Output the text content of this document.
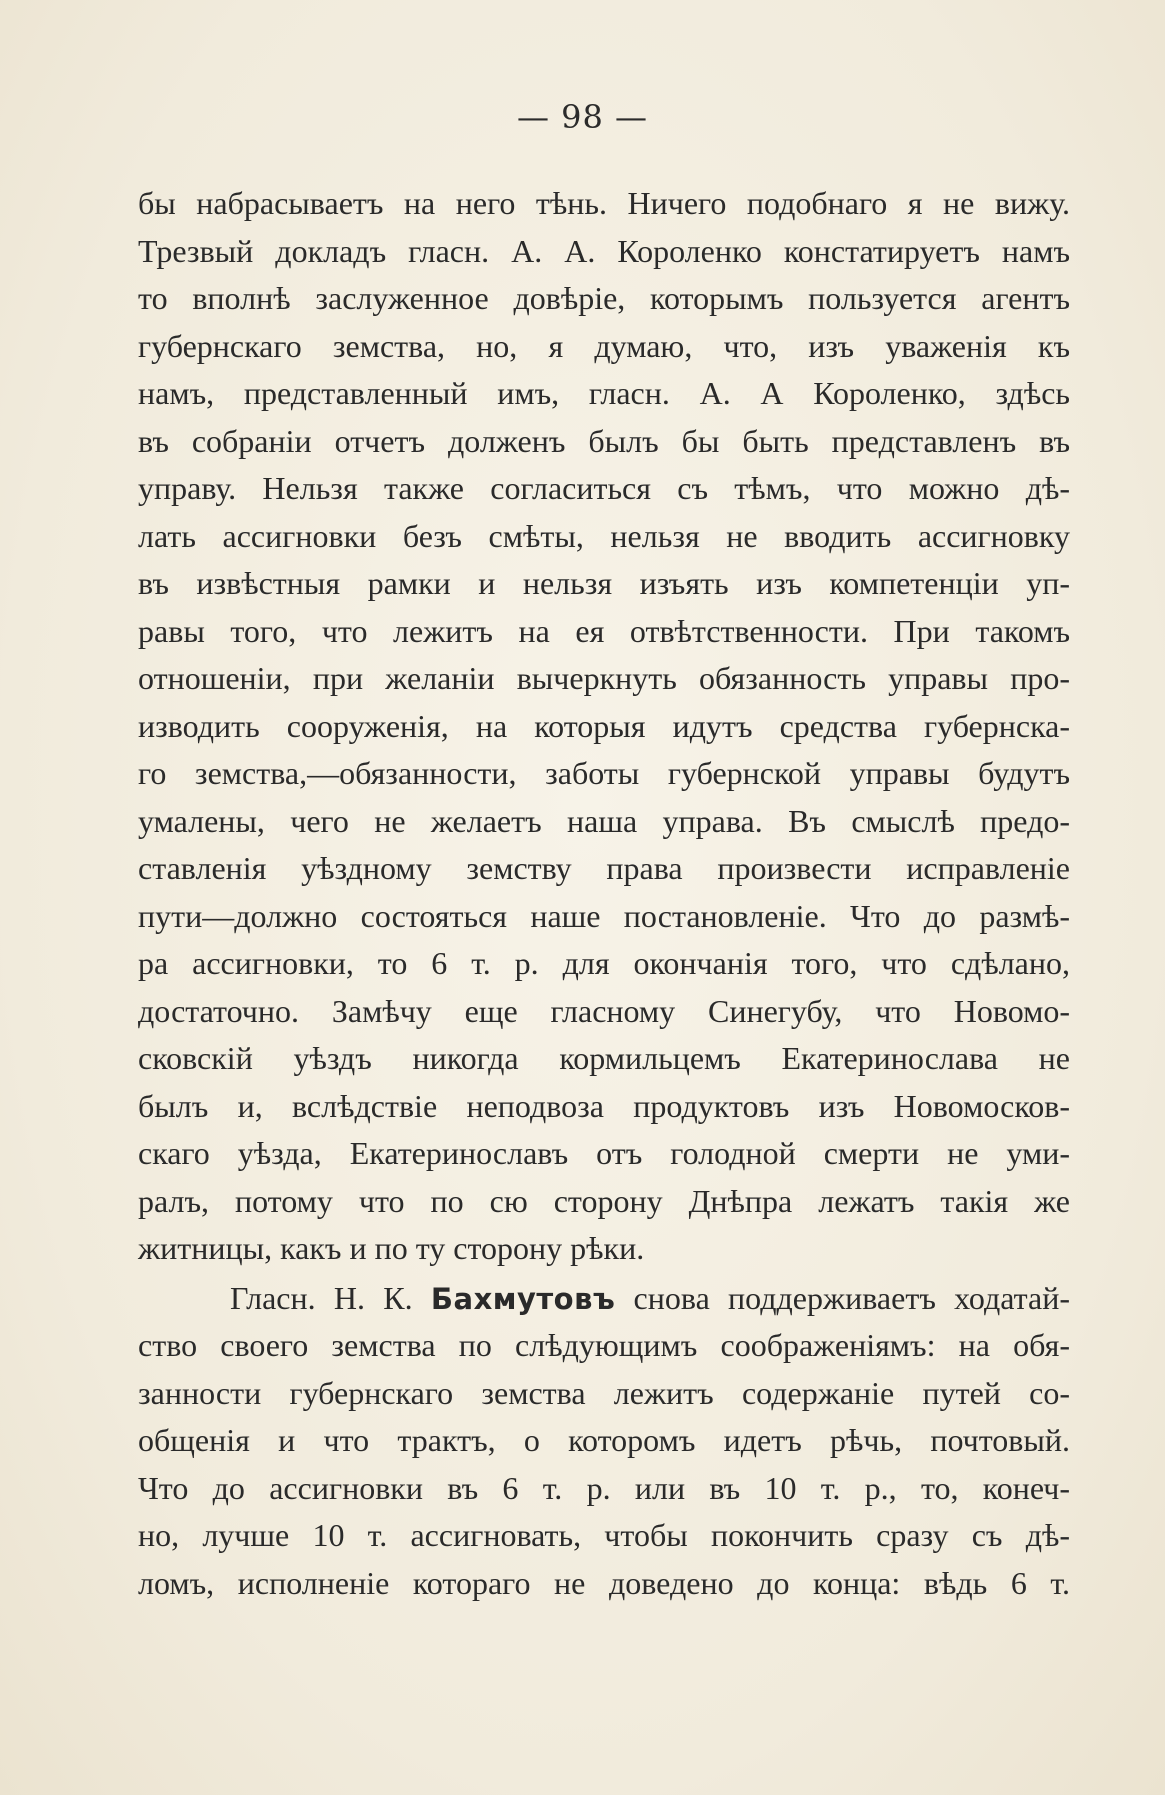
— 98 —
бы набрасываетъ на него тѣнь. Ничего подобнаго я не вижу.
Трезвый докладъ гласн. А. А. Короленко констатируетъ намъ
то вполнѣ заслуженное довѣріе, которымъ пользуется агентъ
губернскаго земства, но, я думаю, что, изъ уваженія къ
намъ, представленный имъ, гласн. А. А Короленко, здѣсь
въ собраніи отчетъ долженъ былъ бы быть представленъ въ
управу. Нельзя также согласиться съ тѣмъ, что можно дѣ-
лать ассигновки безъ смѣты, нельзя не вводить ассигновку
въ извѣстныя рамки и нельзя изъять изъ компетенціи уп-
равы того, что лежитъ на ея отвѣтственности. При такомъ
отношеніи, при желаніи вычеркнуть обязанность управы про-
изводить сооруженія, на которыя идутъ средства губернска-
го земства,—обязанности, заботы губернской управы будутъ
умалены, чего не желаетъ наша управа. Въ смыслѣ предо-
ставленія уѣздному земству права произвести исправленіе
пути—должно состояться наше постановленіе. Что до размѣ-
ра ассигновки, то 6 т. р. для окончанія того, что сдѣлано,
достаточно. Замѣчу еще гласному Синегубу, что Новомо-
сковскій уѣздъ никогда кормильцемъ Екатеринослава не
былъ и, вслѣдствіе неподвоза продуктовъ изъ Новомосков-
скаго уѣзда, Екатеринославъ отъ голодной смерти не уми-
ралъ, потому что по сю сторону Днѣпра лежатъ такія же
житницы, какъ и по ту сторону рѣки.
Гласн. Н. К. Бахмутовъ снова поддерживаетъ ходатай-
ство своего земства по слѣдующимъ соображеніямъ: на обя-
занности губернскаго земства лежитъ содержаніе путей со-
общенія и что трактъ, о которомъ идетъ рѣчь, почтовый.
Что до ассигновки въ 6 т. р. или въ 10 т. р., то, конеч-
но, лучше 10 т. ассигновать, чтобы покончить сразу съ дѣ-
ломъ, исполненіе котораго не доведено до конца: вѣдь 6 т.
